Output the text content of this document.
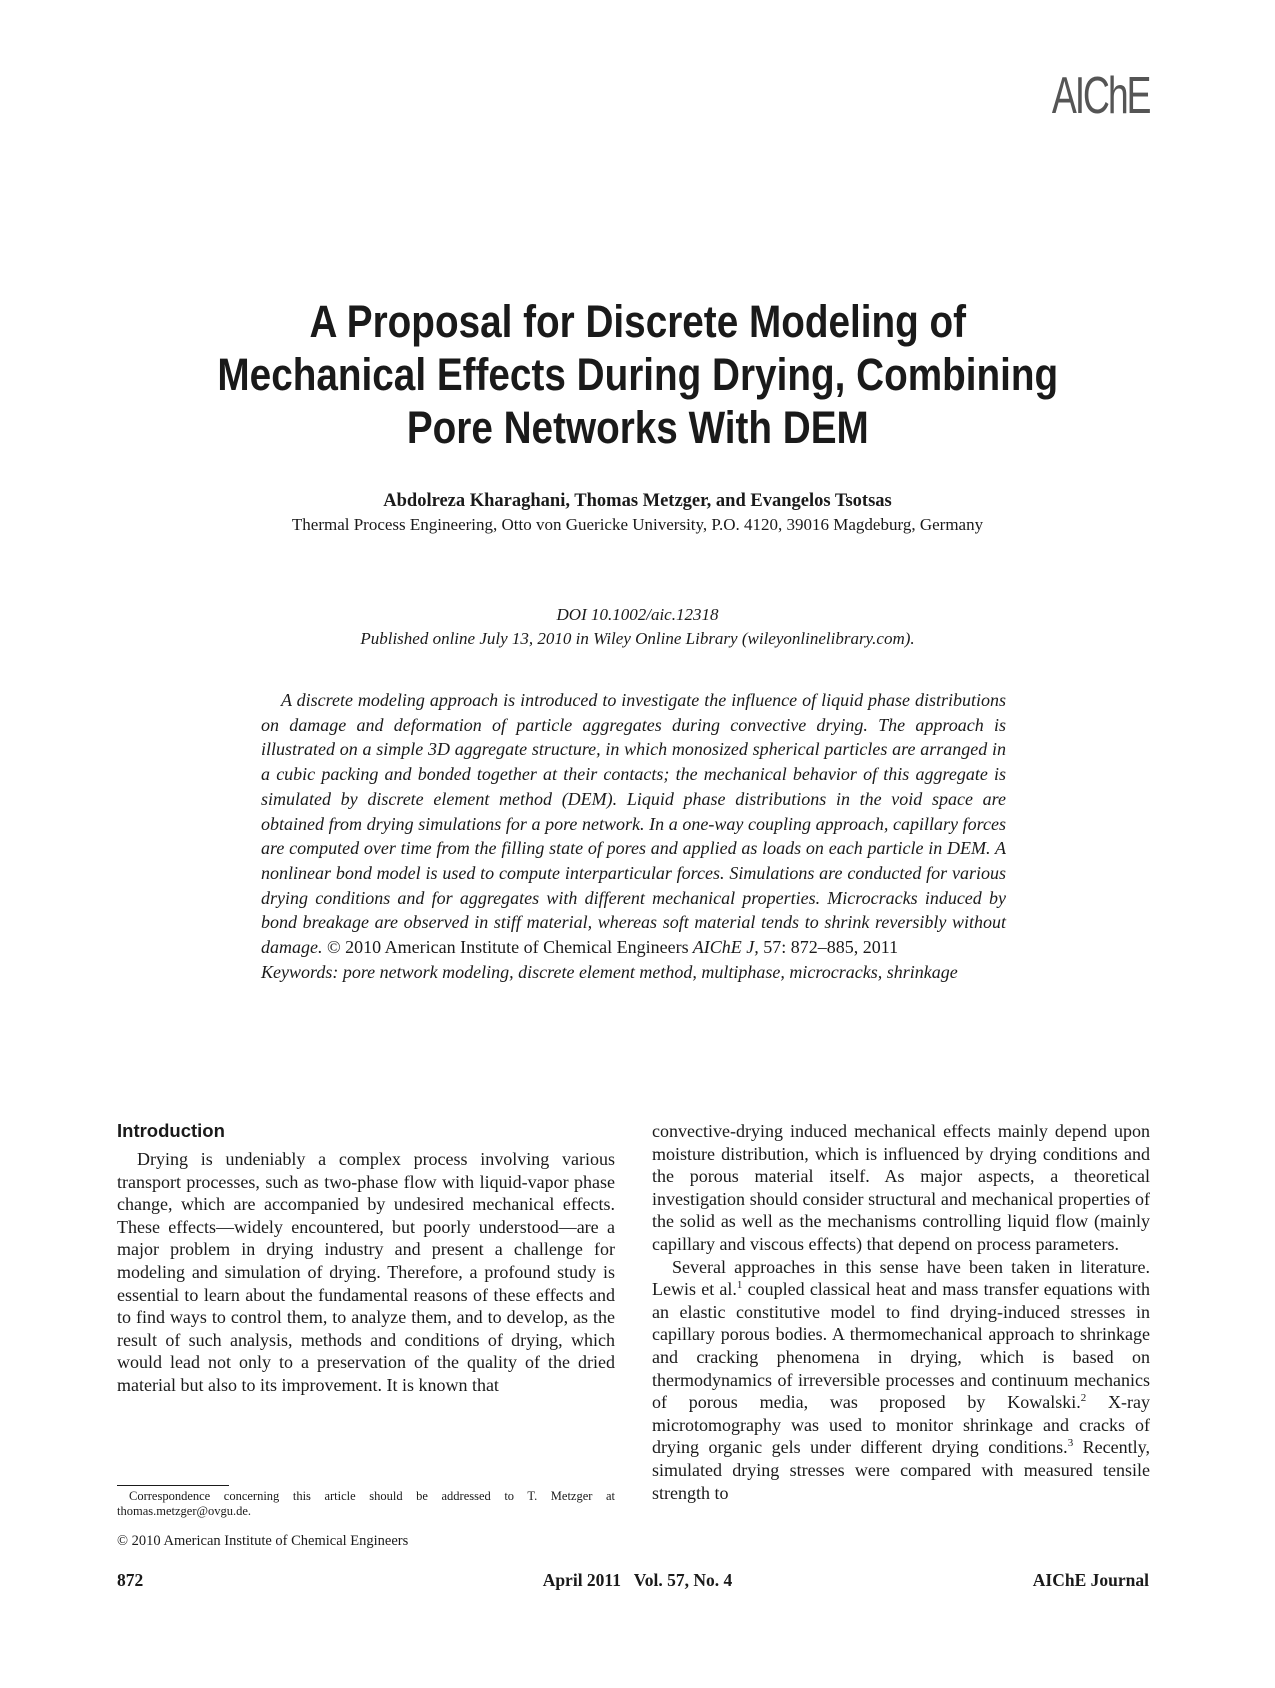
AIChE
A Proposal for Discrete Modeling of
Mechanical Effects During Drying, Combining
Pore Networks With DEM
Abdolreza Kharaghani, Thomas Metzger, and Evangelos Tsotsas
Thermal Process Engineering, Otto von Guericke University, P.O. 4120, 39016 Magdeburg, Germany
DOI 10.1002/aic.12318
Published online July 13, 2010 in Wiley Online Library (wileyonlinelibrary.com).
A discrete modeling approach is introduced to investigate the influence of liquid phase distributions on damage and deformation of particle aggregates during convective drying. The approach is illustrated on a simple 3D aggregate structure, in which monosized spherical particles are arranged in a cubic packing and bonded together at their contacts; the mechanical behavior of this aggregate is simulated by discrete element method (DEM). Liquid phase distributions in the void space are obtained from drying simulations for a pore network. In a one-way coupling approach, capillary forces are computed over time from the filling state of pores and applied as loads on each particle in DEM. A nonlinear bond model is used to compute interparticular forces. Simulations are conducted for various drying conditions and for aggregates with different mechanical properties. Microcracks induced by bond breakage are observed in stiff material, whereas soft material tends to shrink reversibly without damage. © 2010 American Institute of Chemical Engineers AIChE J, 57: 872–885, 2011
Keywords: pore network modeling, discrete element method, multiphase, microcracks, shrinkage
Introduction

Drying is undeniably a complex process involving various transport processes, such as two-phase flow with liquid-vapor phase change, which are accompanied by undesired mechanical effects. These effects—widely encountered, but poorly understood—are a major problem in drying industry and present a challenge for modeling and simulation of drying. Therefore, a profound study is essential to learn about the fundamental reasons of these effects and to find ways to control them, to analyze them, and to develop, as the result of such analysis, methods and conditions of drying, which would lead not only to a preservation of the quality of the dried material but also to its improvement. It is known that

convective-drying induced mechanical effects mainly depend upon moisture distribution, which is influenced by drying conditions and the porous material itself. As major aspects, a theoretical investigation should consider structural and mechanical properties of the solid as well as the mechanisms controlling liquid flow (mainly capillary and viscous effects) that depend on process parameters.

Several approaches in this sense have been taken in literature. Lewis et al.$^1$ coupled classical heat and mass transfer equations with an elastic constitutive model to find drying-induced stresses in capillary porous bodies. A thermomechanical approach to shrinkage and cracking phenomena in drying, which is based on thermodynamics of irreversible processes and continuum mechanics of porous media, was proposed by Kowalski.$^2$ X-ray microtomography was used to monitor shrinkage and cracks of drying organic gels under different drying conditions.$^3$ Recently, simulated drying stresses were compared with measured tensile strength to

Correspondence concerning this article should be addressed to T. Metzger at thomas.metzger@ovgu.de.
© 2010 American Institute of Chemical Engineers
872	April 2011   Vol. 57, No. 4	AIChE Journal
